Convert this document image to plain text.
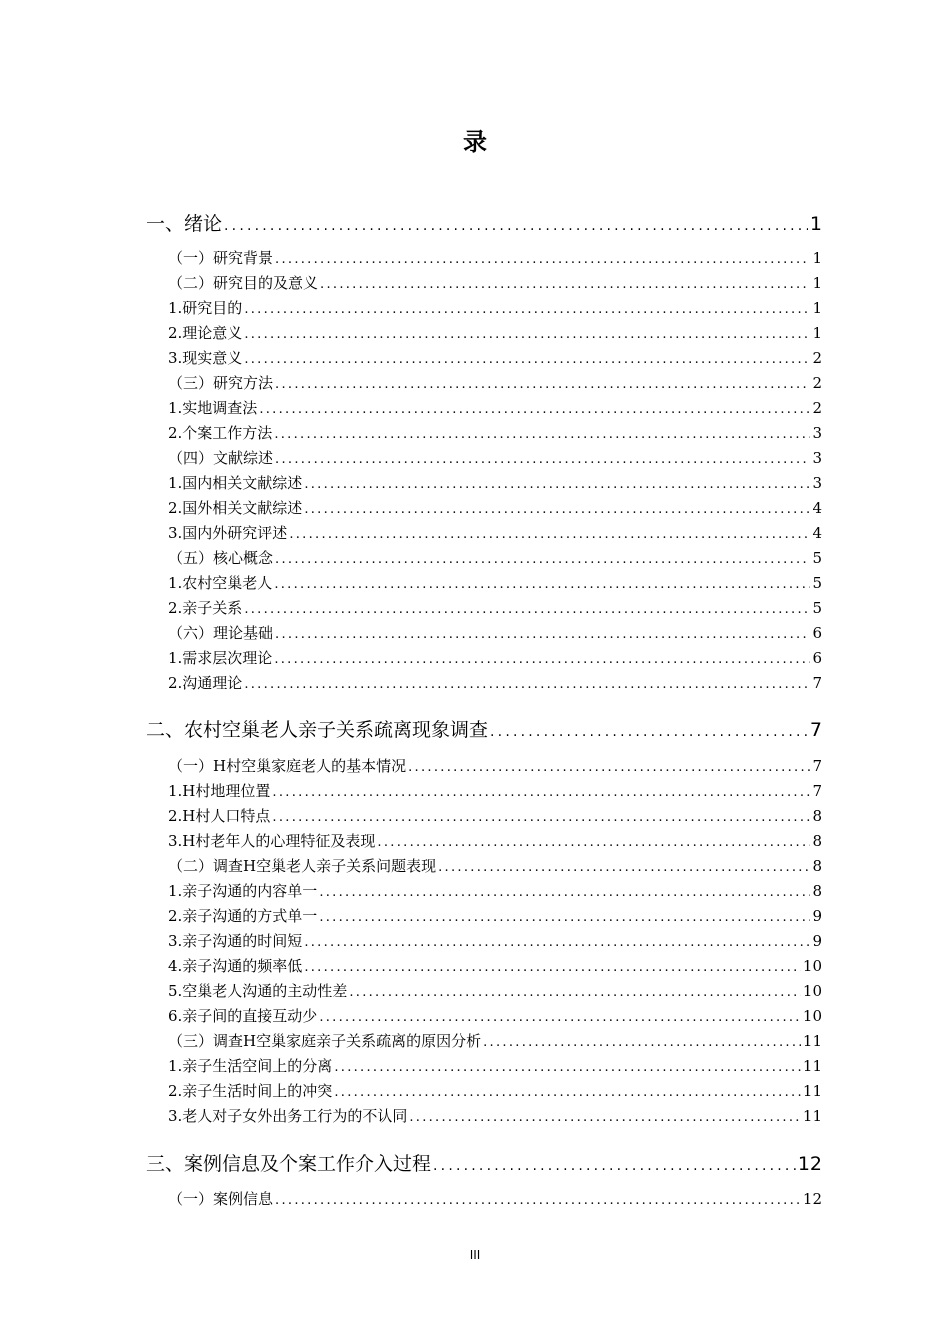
录
一、绪论 .....	1
（一）研究背景 .....	1
（二）研究目的及意义 .....	1
1.研究目的 .....	1
2.理论意义 .....	1
3.现实意义 .....	2
（三）研究方法 .....	2
1.实地调查法 .....	2
2.个案工作方法 .....	3
（四）文献综述 .....	3
1.国内相关文献综述 .....	3
2.国外相关文献综述 .....	4
3.国内外研究评述 .....	4
（五）核心概念 .....	5
1.农村空巢老人 .....	5
2.亲子关系 .....	5
（六）理论基础 .....	6
1.需求层次理论 .....	6
2.沟通理论 .....	7
二、农村空巢老人亲子关系疏离现象调查 .....	7
（一）H村空巢家庭老人的基本情况 .....	7
1.H村地理位置 .....	7
2.H村人口特点 .....	8
3.H村老年人的心理特征及表现 .....	8
（二）调查H空巢老人亲子关系问题表现 .....	8
1.亲子沟通的内容单一 .....	8
2.亲子沟通的方式单一 .....	9
3.亲子沟通的时间短 .....	9
4.亲子沟通的频率低 .....	10
5.空巢老人沟通的主动性差 .....	10
6.亲子间的直接互动少 .....	10
（三）调查H空巢家庭亲子关系疏离的原因分析 .....	11
1.亲子生活空间上的分离 .....	11
2.亲子生活时间上的冲突 .....	11
3.老人对子女外出务工行为的不认同 .....	11
三、案例信息及个案工作介入过程 .....	12
（一）案例信息 .....	12
III
